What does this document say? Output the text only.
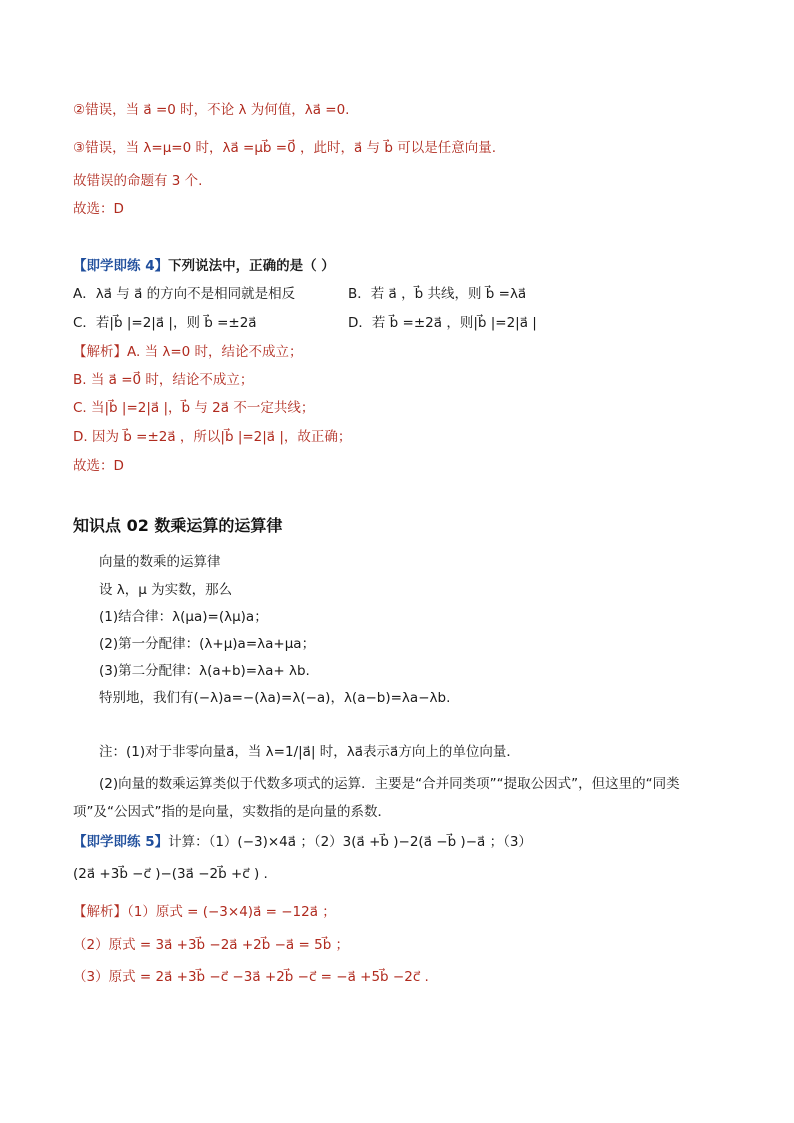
②错误，当 a⃗ =0 时，不论 λ 为何值，λa⃗ =0.
③错误，当 λ=μ=0 时，λa⃗ =μb⃗ =0⃗ ，此时，a⃗ 与 b⃗ 可以是任意向量.
故错误的命题有 3 个.
故选：D
【即学即练 4】下列说法中，正确的是（ ）
A．λa⃗ 与 a⃗ 的方向不是相同就是相反	B．若 a⃗ ，b⃗ 共线，则 b⃗ =λa⃗
C．若|b⃗ |=2|a⃗ |，则 b⃗ =±2a⃗	D．若 b⃗ =±2a⃗ ，则|b⃗ |=2|a⃗ |
【解析】A. 当 λ=0 时，结论不成立；
B. 当 a⃗ =0⃗ 时，结论不成立；
C. 当|b⃗ |=2|a⃗ |，b⃗ 与 2a⃗ 不一定共线；
D. 因为 b⃗ =±2a⃗ ，所以|b⃗ |=2|a⃗ |，故正确；
故选：D
知识点 02 数乘运算的运算律
向量的数乘的运算律
设 λ，μ 为实数，那么
(1)结合律：λ(μa)=(λμ)a；
(2)第一分配律：(λ+μ)a=λa+μa；
(3)第二分配律：λ(a+b)=λa+ λb.
特别地，我们有(−λ)a=−(λa)=λ(−a)，λ(a−b)=λa−λb.
注：(1)对于非零向量a⃗，当 λ=1/|a⃗| 时，λa⃗表示a⃗方向上的单位向量．
(2)向量的数乘运算类似于代数多项式的运算．主要是“合并同类项”“提取公因式”，但这里的“同类
项”及“公因式”指的是向量，实数指的是向量的系数．
【即学即练 5】计算：（1）(−3)×4a⃗ ；（2）3(a⃗ +b⃗ )−2(a⃗ −b⃗ )−a⃗ ；（3）
(2a⃗ +3b⃗ −c⃗ )−(3a⃗ −2b⃗ +c⃗ ) .
【解析】（1）原式 = (−3×4)a⃗ = −12a⃗ ；
（2）原式 = 3a⃗ +3b⃗ −2a⃗ +2b⃗ −a⃗ = 5b⃗ ；
（3）原式 = 2a⃗ +3b⃗ −c⃗ −3a⃗ +2b⃗ −c⃗ = −a⃗ +5b⃗ −2c⃗ .
